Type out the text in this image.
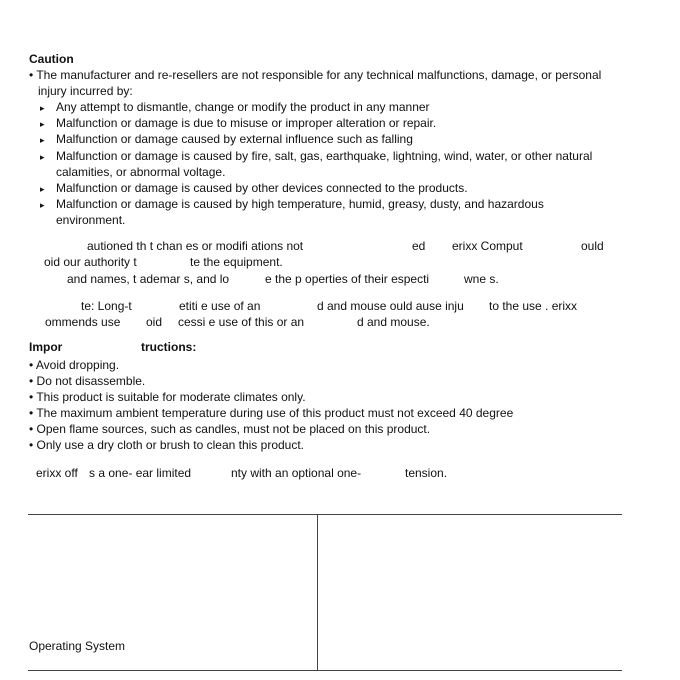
Caution
• The manufacturer and re-resellers are not responsible for any technical malfunctions, damage, or personal
injury incurred by:
▸ Any attempt to dismantle, change or modify the product in any manner
▸ Malfunction or damage is due to misuse or improper alteration or repair.
▸ Malfunction or damage caused by external influence such as falling
▸ Malfunction or damage is caused by fire, salt, gas, earthquake, lightning, wind, water, or other natural
calamities, or abnormal voltage.
▸ Malfunction or damage is caused by other devices connected to the products.
▸ Malfunction or damage is caused by high temperature, humid, greasy, dusty, and hazardous
environment.
autioned th t chan es or modifi ations not	ed erixx Comput	ould
oid our authority t	te the equipment.
and names, t ademar s, and lo	e the p operties of their especti	wne s.
te: Long-t	etiti e use of an	d and mouse ould ause inju to the use . erixx
ommends use oid cessi e use of this or an	d and mouse.
Impor	tructions:
• Avoid dropping.
• Do not disassemble.
• This product is suitable for moderate climates only.
• The maximum ambient temperature during use of this product must not exceed 40 degree
• Open flame sources, such as candles, must not be placed on this product.
• Only use a dry cloth or brush to clean this product.
erixx off s a one- ear limited	nty with an optional one-	tension.
Operating System
